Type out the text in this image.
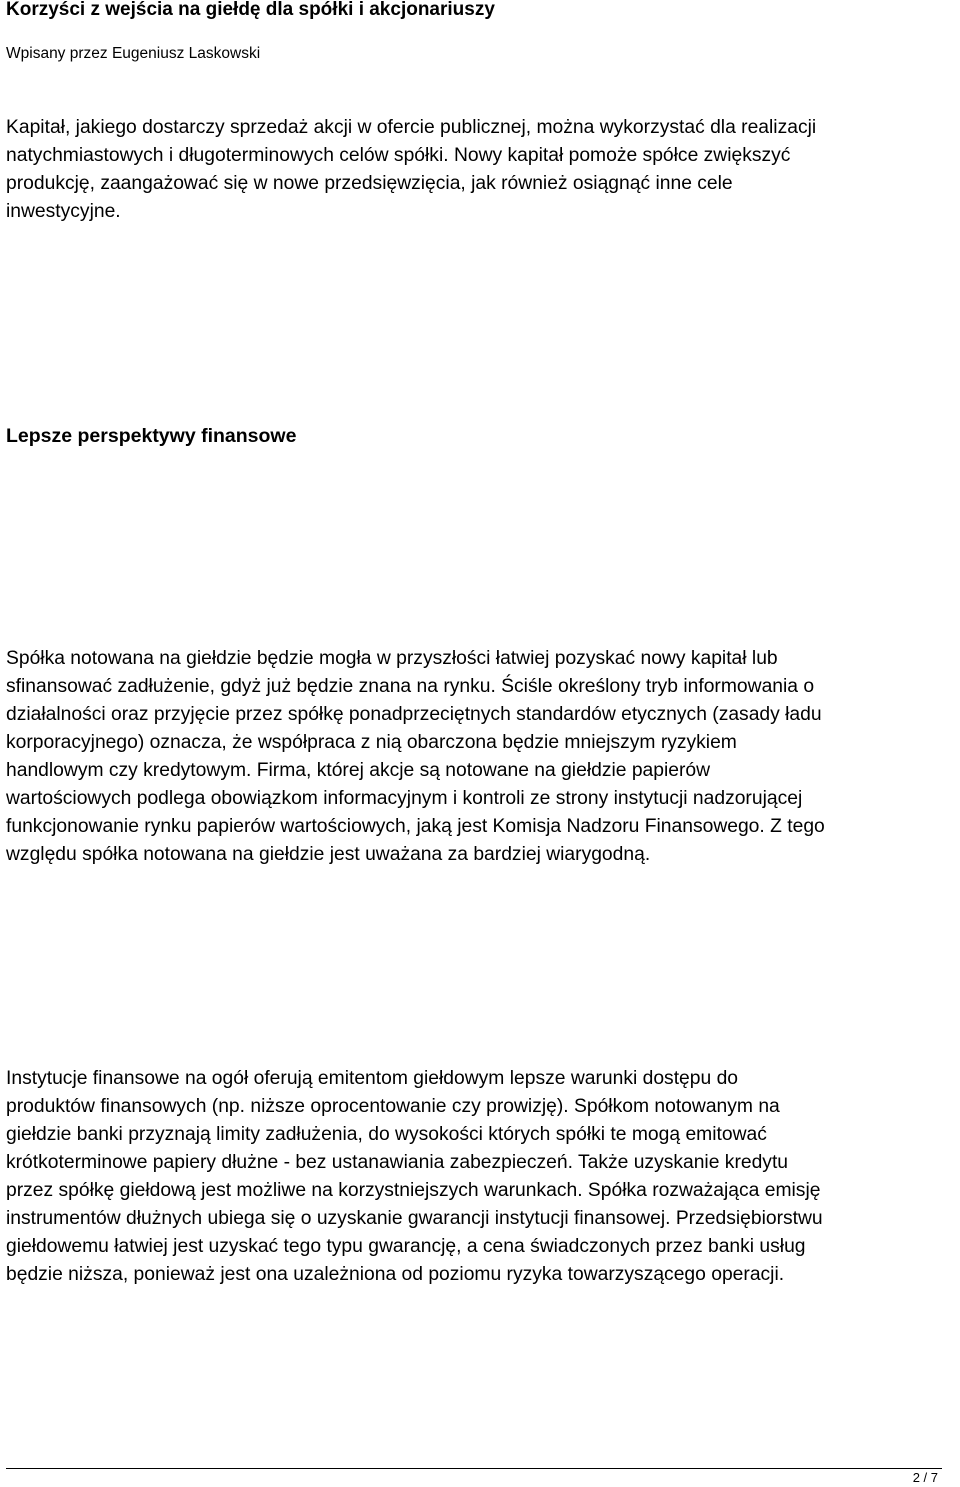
Korzyści z wejścia na giełdę dla spółki i akcjonariuszy
Wpisany przez Eugeniusz Laskowski

Kapitał, jakiego dostarczy sprzedaż akcji w ofercie publicznej, można wykorzystać dla realizacji
natychmiastowych i długoterminowych celów spółki. Nowy kapitał pomoże spółce zwiększyć
produkcję, zaangażować się w nowe przedsięwzięcia, jak również osiągnąć inne cele
inwestycyjne.

Lepsze perspektywy finansowe

Spółka notowana na giełdzie będzie mogła w przyszłości łatwiej pozyskać nowy kapitał lub
sfinansować zadłużenie, gdyż już będzie znana na rynku. Ściśle określony tryb informowania o
działalności oraz przyjęcie przez spółkę ponadprzeciętnych standardów etycznych (zasady ładu
korporacyjnego) oznacza, że współpraca z nią obarczona będzie mniejszym ryzykiem
handlowym czy kredytowym. Firma, której akcje są notowane na giełdzie papierów
wartościowych podlega obowiązkom informacyjnym i kontroli ze strony instytucji nadzorującej
funkcjonowanie rynku papierów wartościowych, jaką jest Komisja Nadzoru Finansowego. Z tego
względu spółka notowana na giełdzie jest uważana za bardziej wiarygodną.

Instytucje finansowe na ogół oferują emitentom giełdowym lepsze warunki dostępu do
produktów finansowych (np. niższe oprocentowanie czy prowizję). Spółkom notowanym na
giełdzie banki przyznają limity zadłużenia, do wysokości których spółki te mogą emitować
krótkoterminowe papiery dłużne - bez ustanawiania zabezpieczeń. Także uzyskanie kredytu
przez spółkę giełdową jest możliwe na korzystniejszych warunkach. Spółka rozważająca emisję
instrumentów dłużnych ubiega się o uzyskanie gwarancji instytucji finansowej. Przedsiębiorstwu
giełdowemu łatwiej jest uzyskać tego typu gwarancję, a cena świadczonych przez banki usług
będzie niższa, ponieważ jest ona uzależniona od poziomu ryzyka towarzyszącego operacji.

2 / 7
